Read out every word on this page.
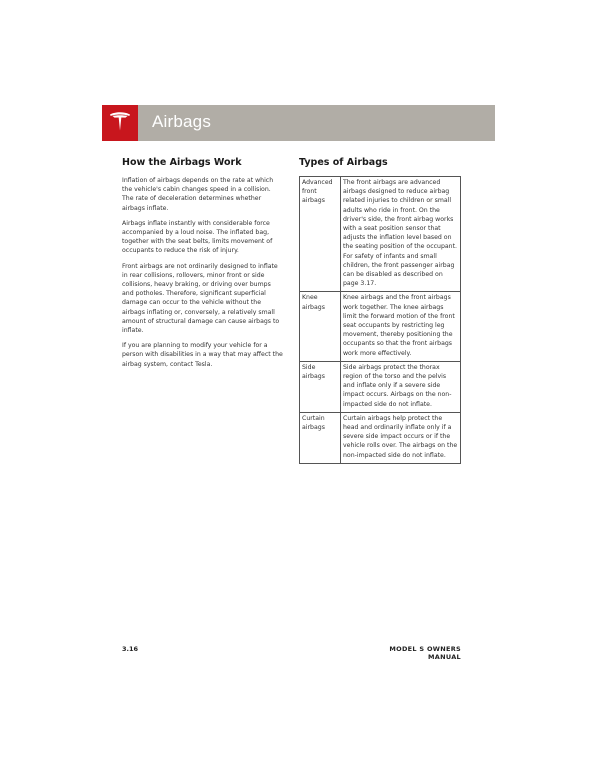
Airbags
How the Airbags Work

Inflation of airbags depends on the rate at which the vehicle's cabin changes speed in a collision. The rate of deceleration determines whether airbags inflate.

Airbags inflate instantly with considerable force accompanied by a loud noise. The inflated bag, together with the seat belts, limits movement of occupants to reduce the risk of injury.

Front airbags are not ordinarily designed to inflate in rear collisions, rollovers, minor front or side collisions, heavy braking, or driving over bumps and potholes. Therefore, significant superficial damage can occur to the vehicle without the airbags inflating or, conversely, a relatively small amount of structural damage can cause airbags to inflate.

If you are planning to modify your vehicle for a person with disabilities in a way that may affect the airbag system, contact Tesla.

Types of Airbags
Advanced front airbags	The front airbags are advanced airbags designed to reduce airbag related injuries to children or small adults who ride in front. On the driver's side, the front airbag works with a seat position sensor that adjusts the inflation level based on the seating position of the occupant. For safety of infants and small children, the front passenger airbag can be disabled as described on page 3.17.
Knee airbags	Knee airbags and the front airbags work together. The knee airbags limit the forward motion of the front seat occupants by restricting leg movement, thereby positioning the occupants so that the front airbags work more effectively.
Side airbags	Side airbags protect the thorax region of the torso and the pelvis and inflate only if a severe side impact occurs. Airbags on the non-impacted side do not inflate.
Curtain airbags	Curtain airbags help protect the head and ordinarily inflate only if a severe side impact occurs or if the vehicle rolls over. The airbags on the non-impacted side do not inflate.
3.16	MODEL S OWNERS MANUAL
